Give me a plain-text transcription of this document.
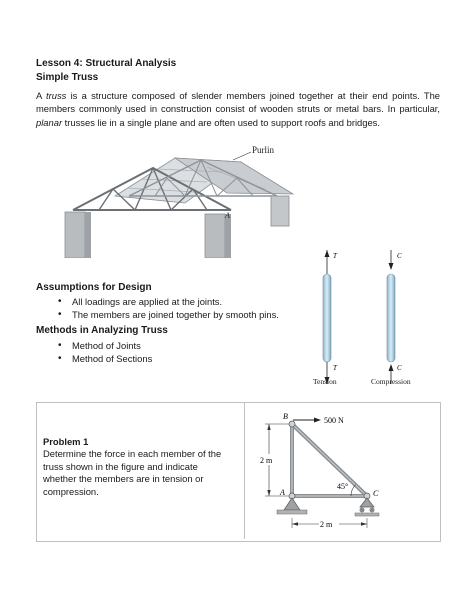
Lesson 4: Structural Analysis
Simple Truss
A truss is a structure composed of slender members joined together at their end points. The members commonly used in construction consist of wooden struts or metal bars. In particular, planar trusses lie in a single plane and are often used to support roofs and bridges.
Purlin
A
Assumptions for Design
• All loadings are applied at the joints.
• The members are joined together by smooth pins.
Methods in Analyzing Truss
• Method of Joints
• Method of Sections
T
T
C
C
Tension	Compression
Problem 1
Determine the force in each member of the truss shown in the figure and indicate whether the members are in tension or compression.
500 N
2 m
2 m
45°
B
A	C
